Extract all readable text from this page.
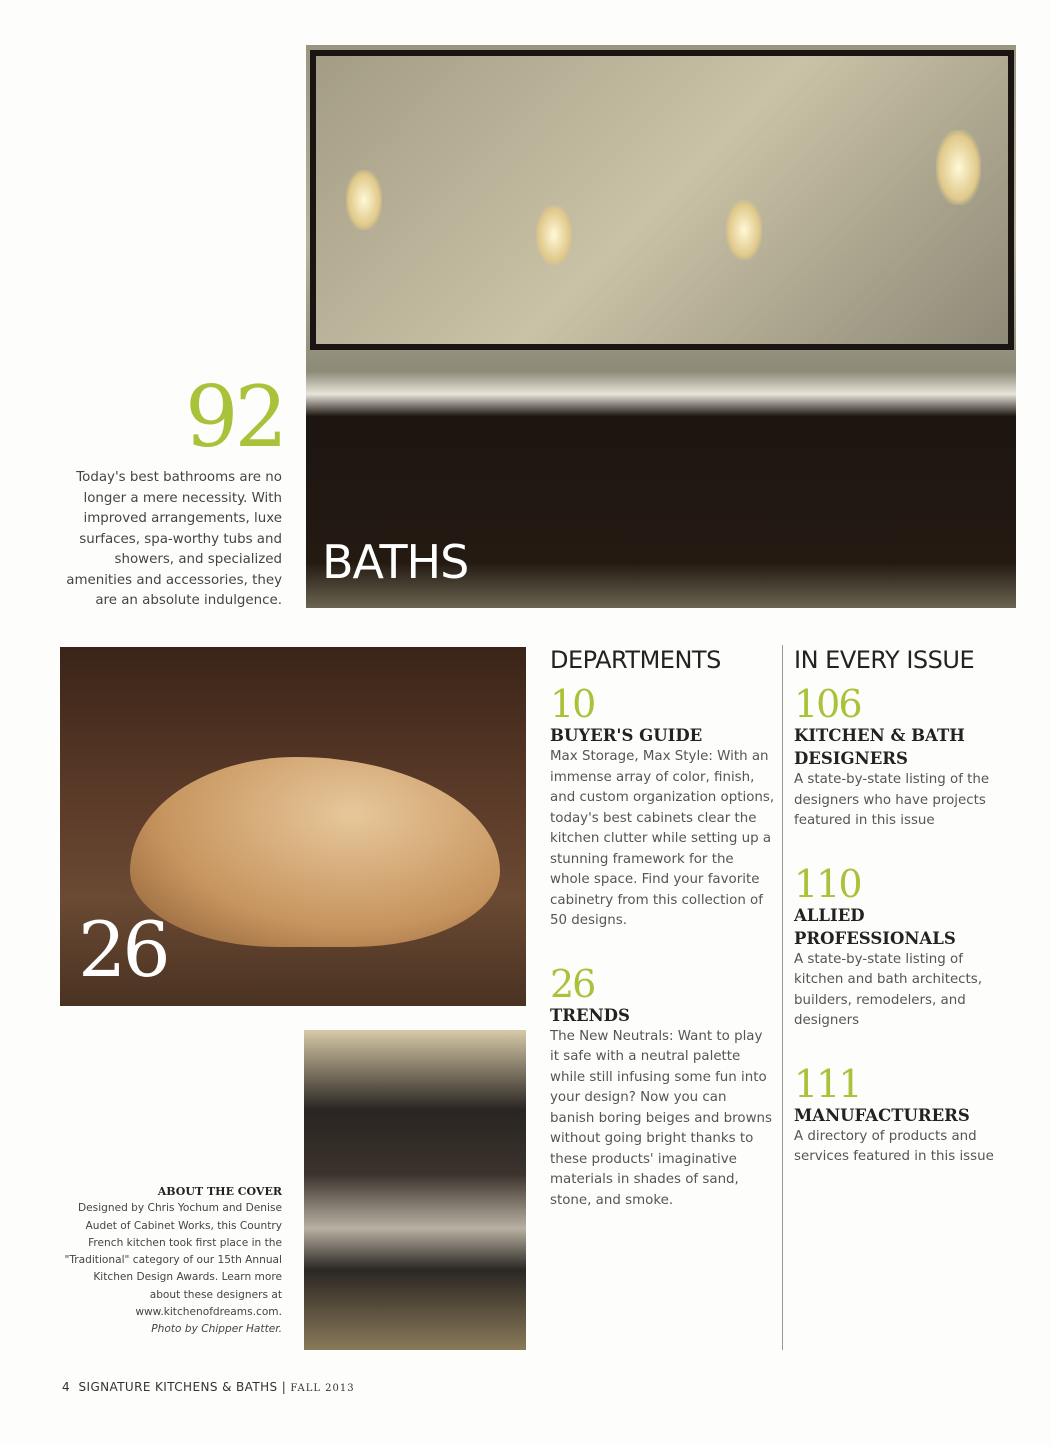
92
Today's best bathrooms are no longer a mere necessity. With improved arrangements, luxe surfaces, spa-worthy tubs and showers, and specialized amenities and accessories, they are an absolute indulgence.
BATHS
26
ABOUT THE COVER
Designed by Chris Yochum and Denise Audet of Cabinet Works, this Country French kitchen took first place in the "Traditional" category of our 15th Annual Kitchen Design Awards. Learn more about these designers at www.kitchenofdreams.com.
Photo by Chipper Hatter.
DEPARTMENTS
10
BUYER'S GUIDE

Max Storage, Max Style: With an immense array of color, finish, and custom organization options, today's best cabinets clear the kitchen clutter while setting up a stunning framework for the whole space. Find your favorite cabinetry from this collection of 50 designs.

26
TRENDS

The New Neutrals: Want to play it safe with a neutral palette while still infusing some fun into your design? Now you can banish boring beiges and browns without going bright thanks to these products' imaginative materials in shades of sand, stone, and smoke.

IN EVERY ISSUE
106
KITCHEN & BATH DESIGNERS

A state-by-state listing of the designers who have projects featured in this issue

110
ALLIED PROFESSIONALS

A state-by-state listing of kitchen and bath architects, builders, remodelers, and designers

111
MANUFACTURERS

A directory of products and services featured in this issue

4 SIGNATURE KITCHENS & BATHS | FALL 2013
